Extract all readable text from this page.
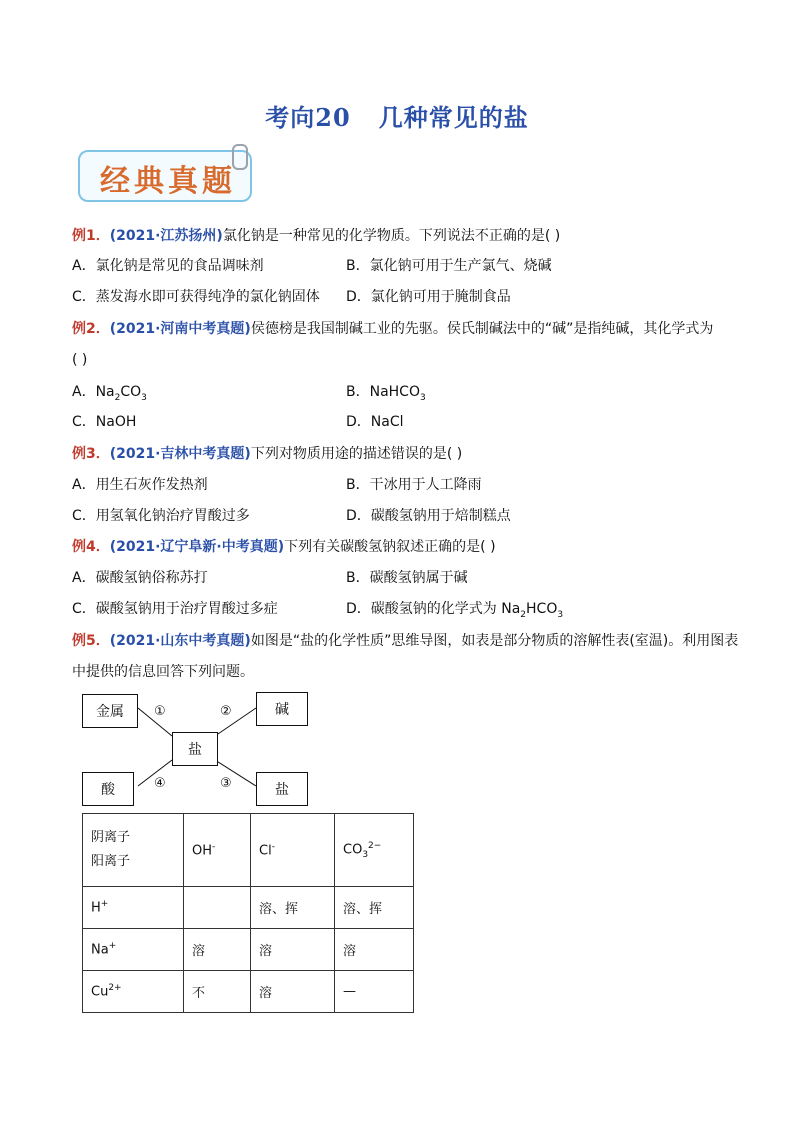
考向20 几种常见的盐
经典真题
例1．(2021·江苏扬州)氯化钠是一种常见的化学物质。下列说法不正确的是( )
A．氯化钠是常见的食品调味剂	B．氯化钠可用于生产氯气、烧碱
C．蒸发海水即可获得纯净的氯化钠固体 D．氯化钠可用于腌制食品
例2．(2021·河南中考真题)侯德榜是我国制碱工业的先驱。侯氏制碱法中的“碱”是指纯碱，其化学式为
( )
A．$Na_2CO_3$	B．NaHCO$_3$
C．NaOH	D．NaCl
例3．(2021·吉林中考真题)下列对物质用途的描述错误的是( )
A．用生石灰作发热剂	B．干冰用于人工降雨
C．用氢氧化钠治疗胃酸过多	D．碳酸氢钠用于焙制糕点
例4．(2021·辽宁阜新·中考真题)下列有关碳酸氢钠叙述正确的是( )
A．碳酸氢钠俗称苏打	B．碳酸氢钠属于碱
C．碳酸氢钠用于治疗胃酸过多症	D．碳酸氢钠的化学式为 $Na_2HCO_3$
例5．(2021·山东中考真题)如图是“盐的化学性质”思维导图，如表是部分物质的溶解性表(室温)。利用图表
中提供的信息回答下列问题。
金属	碱
盐
酸	盐
①	②
③
④
阴离子
阳离子	OH-	Cl-	$CO_3^{2-}$
H+		溶、挥	溶、挥
Na+	溶	溶	溶
$Cu^{2+}$	不	溶	—
